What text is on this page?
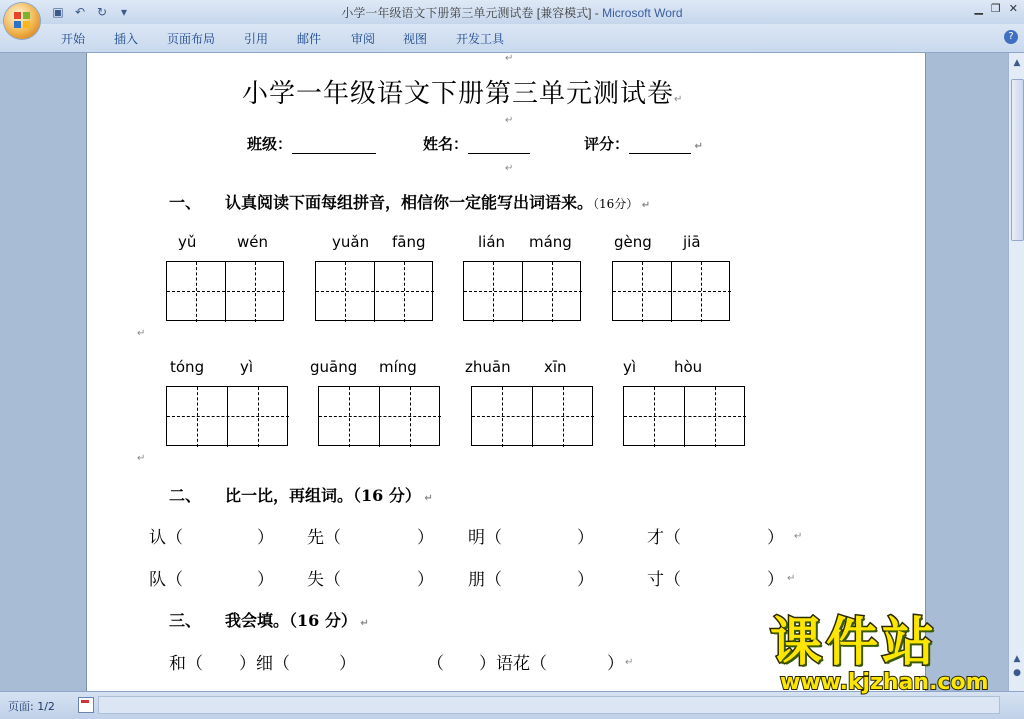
▣ ↶ ↻	▾	小学一年级语文下册第三单元测试卷 [兼容模式] - Microsoft Word	▁ ❐ ✕
开始 插入 页面布局 引用 邮件 审阅 视图 开发工具	?
↵
小学一年级语文下册第三单元测试卷↵
↵
班级：	姓名：	评分：	↵
↵
一、 认真阅读下面每组拼音，相信你一定能写出词语来。（16分） ↵
yǔ	wén	yuǎn fāng	lián máng	gèng jiā
↵
tóng yì	guāng míng	zhuān xīn	yì	hòu
↵
二、 比一比，再组词。（16 分） ↵
认（	） 先（	） 明（	）	才（	） ↵
队（	） 失（	） 朋（	）	寸（	） ↵
三、 我会填。（16 分） ↵
和（ ）细（	）	（ ）语花（	） ↵
▲
▲
●
页面: 1/2
课件站
www.kjzhan.com
